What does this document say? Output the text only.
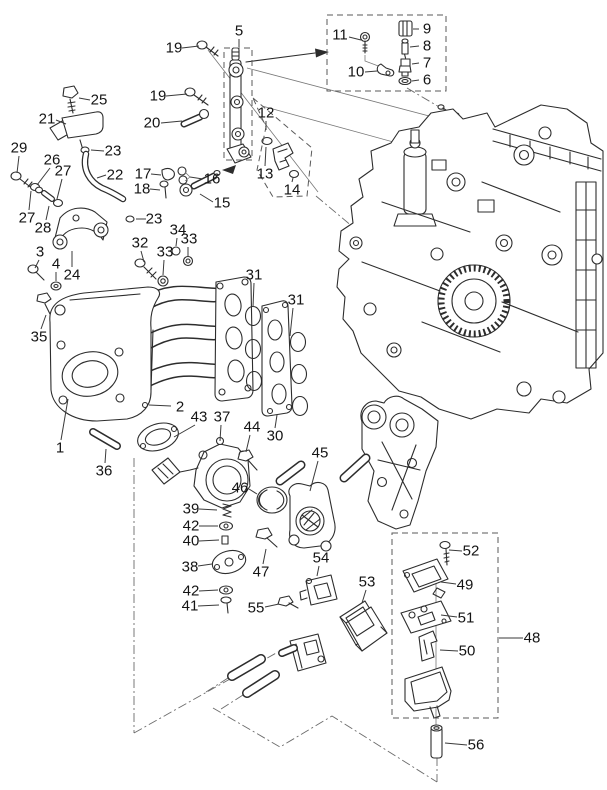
1
2
3
4
5
6
7
8
9
10
11
12
13
14
15
16
17
18
19
19
20
21
22
23
23
24
25
26
27
27
28
29
30
31
31
32
33
33
34
35
36
37
38
39
40
41
42
42
43
44
45
46
47
48
49
50
51
52
53
54
55
56
